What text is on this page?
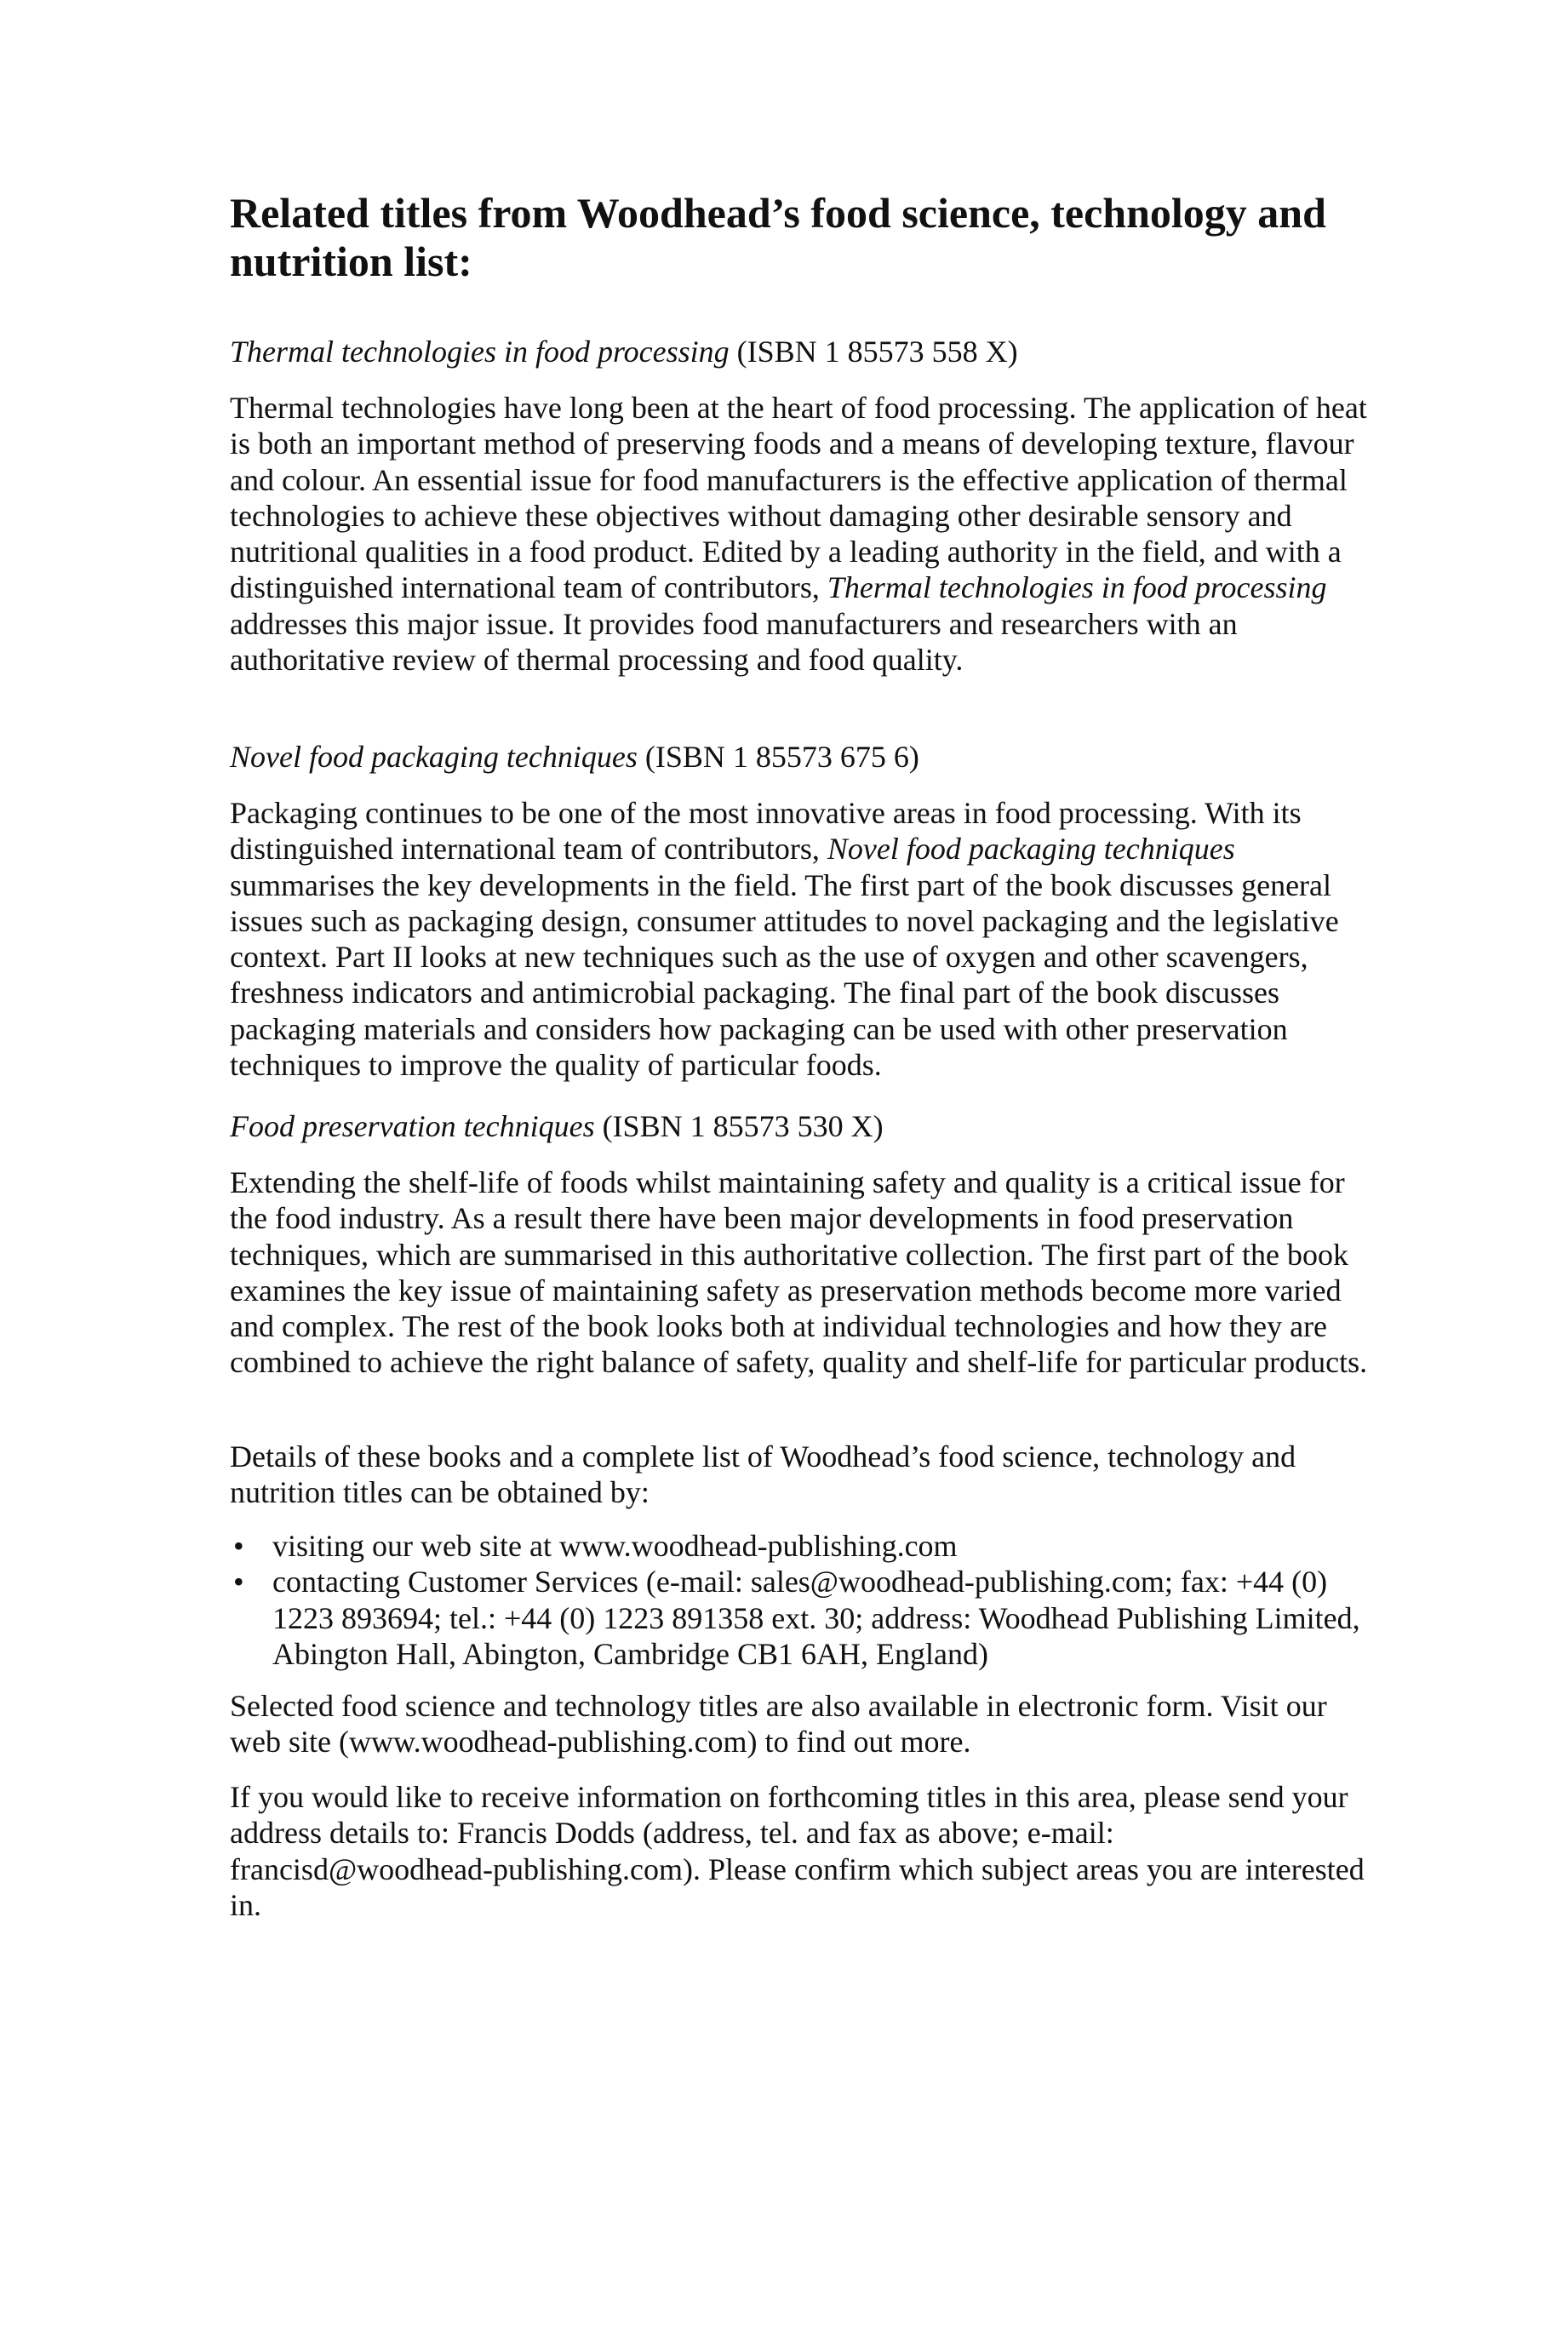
Related titles from Woodhead’s food science, technology and nutrition list:

Thermal technologies in food processing (ISBN 1 85573 558 X)

Thermal technologies have long been at the heart of food processing. The application of heat is both an important method of preserving foods and a means of developing texture, flavour and colour. An essential issue for food manufacturers is the effective application of thermal technologies to achieve these objectives without damaging other desirable sensory and nutritional qualities in a food product. Edited by a leading authority in the field, and with a distinguished international team of contributors, Thermal technologies in food processing addresses this major issue. It provides food manufacturers and researchers with an authoritative review of thermal processing and food quality.

Novel food packaging techniques (ISBN 1 85573 675 6)

Packaging continues to be one of the most innovative areas in food processing. With its distinguished international team of contributors, Novel food packaging techniques summarises the key developments in the field. The first part of the book discusses general issues such as packaging design, consumer attitudes to novel packaging and the legislative context. Part II looks at new techniques such as the use of oxygen and other scavengers, freshness indicators and antimicrobial packaging. The final part of the book discusses packaging materials and considers how packaging can be used with other preservation techniques to improve the quality of particular foods.

Food preservation techniques (ISBN 1 85573 530 X)

Extending the shelf-life of foods whilst maintaining safety and quality is a critical issue for the food industry. As a result there have been major developments in food preservation techniques, which are summarised in this authoritative collection. The first part of the book examines the key issue of maintaining safety as preservation methods become more varied and complex. The rest of the book looks both at individual technologies and how they are combined to achieve the right balance of safety, quality and shelf-life for particular products.

Details of these books and a complete list of Woodhead’s food science, technology and nutrition titles can be obtained by:

• visiting our web site at www.woodhead-publishing.com
• contacting Customer Services (e-mail: sales@woodhead-publishing.com; fax: +44 (0) 1223 893694; tel.: +44 (0) 1223 891358 ext. 30; address: Woodhead Publishing Limited, Abington Hall, Abington, Cambridge CB1 6AH, England)

Selected food science and technology titles are also available in electronic form. Visit our web site (www.woodhead-publishing.com) to find out more.

If you would like to receive information on forthcoming titles in this area, please send your address details to: Francis Dodds (address, tel. and fax as above; e-mail: francisd@woodhead-publishing.com). Please confirm which subject areas you are interested in.
